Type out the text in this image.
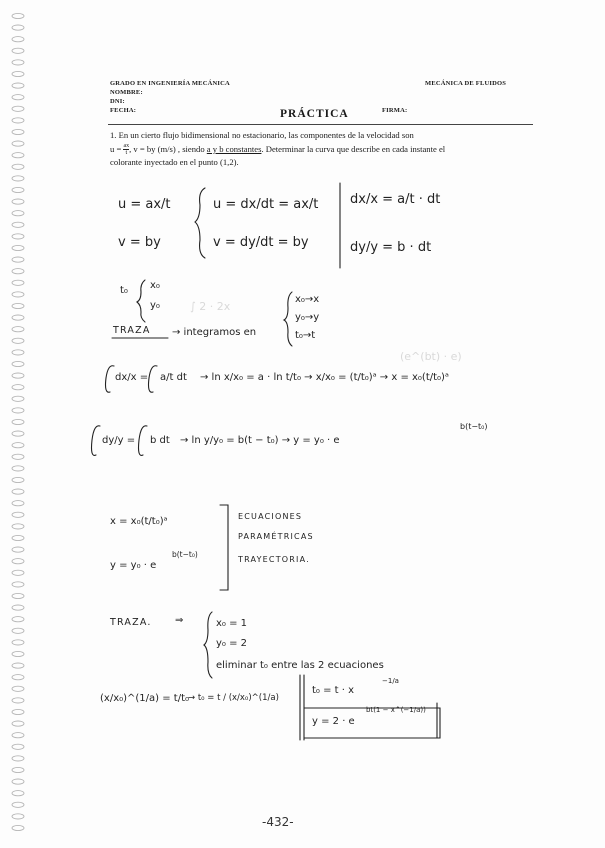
(e^(bt) · e)
∫ 2 · 2x
GRADO EN INGENIERÍA MECÁNICA	MECÁNICA DE FLUIDOS
NOMBRE:
DNI:
FECHA:	FIRMA:
PRÁCTICA
1. En un cierto flujo bidimensional no estacionario, las componentes de la velocidad son
$u = \frac{ax}{t}$ , v = by (m/s) , siendo a y b constantes. Determinar la curva que describe en cada instante el
colorante inyectado en el punto (1,2).
u = ax/t
v = by
u = dx/dt = ax/t
v = dy/dt = by
dx/x = a/t · dt
dy/y = b · dt
t₀ x₀
y₀
TRAZA → integramos en
x₀→x
y₀→y
t₀→t
dx/x = a/t dt → ln x/x₀ = a · ln t/t₀ → x/x₀ = (t/t₀)ᵃ → x = x₀(t/t₀)ᵃ
dy/y = b dt → ln y/y₀ = b(t − t₀) → y = y₀ · e
b(t−t₀)
x = x₀(t/t₀)ᵃ
y = y₀ · e
b(t−t₀)
ECUACIONES
PARAMÉTRICAS
TRAYECTORIA.
TRAZA. ⇒	x₀ = 1
y₀ = 2
eliminar t₀ entre las 2 ecuaciones
(x/x₀)^(1/a) = t/t₀
→ t₀ = t / (x/x₀)^(1/a)
t₀ = t · x
−1/a
y = 2 · e
bt(1 − x^(−1/a))
-432-
